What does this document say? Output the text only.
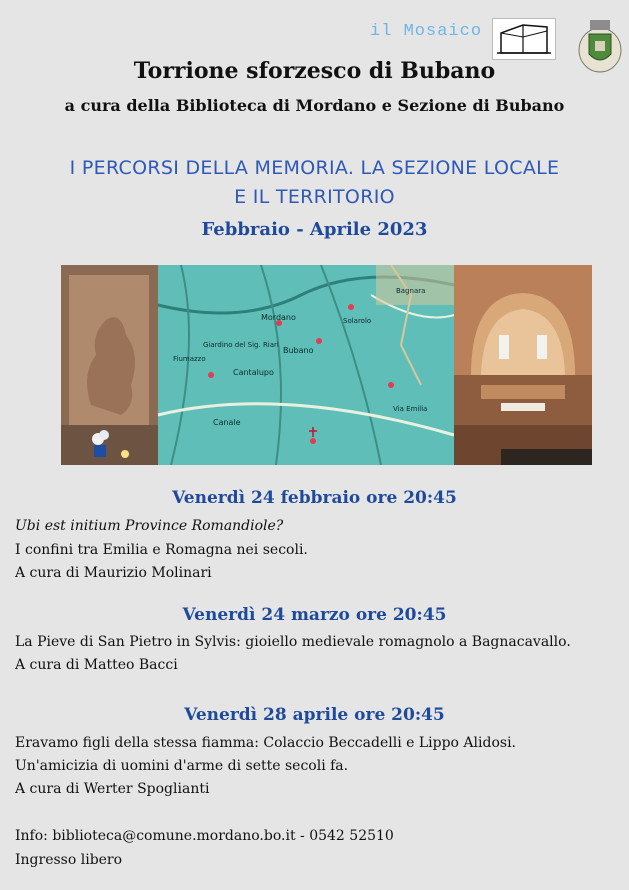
il Mosaico
Torrione sforzesco di Bubano
a cura della Biblioteca di Mordano e Sezione di Bubano
I PERCORSI DELLA MEMORIA. LA SEZIONE LOCALE
E IL TERRITORIO
Febbraio - Aprile 2023
Mordano
Bubano
Giardino del Sig. Riari
Fiumazzo
Cantalupo
Canale
Solarolo
Bagnara
Via Emilia
Venerdì 24 febbraio ore 20:45
Ubi est initium Province Romandiole?
I confini tra Emilia e Romagna nei secoli.
A cura di Maurizio Molinari
Venerdì 24 marzo ore 20:45
La Pieve di San Pietro in Sylvis: gioiello medievale romagnolo a Bagnacavallo.
A cura di Matteo Bacci
Venerdì 28 aprile ore 20:45
Eravamo figli della stessa fiamma: Colaccio Beccadelli e Lippo Alidosi.
Un'amicizia di uomini d'arme di sette secoli fa.
A cura di Werter Spoglianti
Info: biblioteca@comune.mordano.bo.it - 0542 52510
Ingresso libero
